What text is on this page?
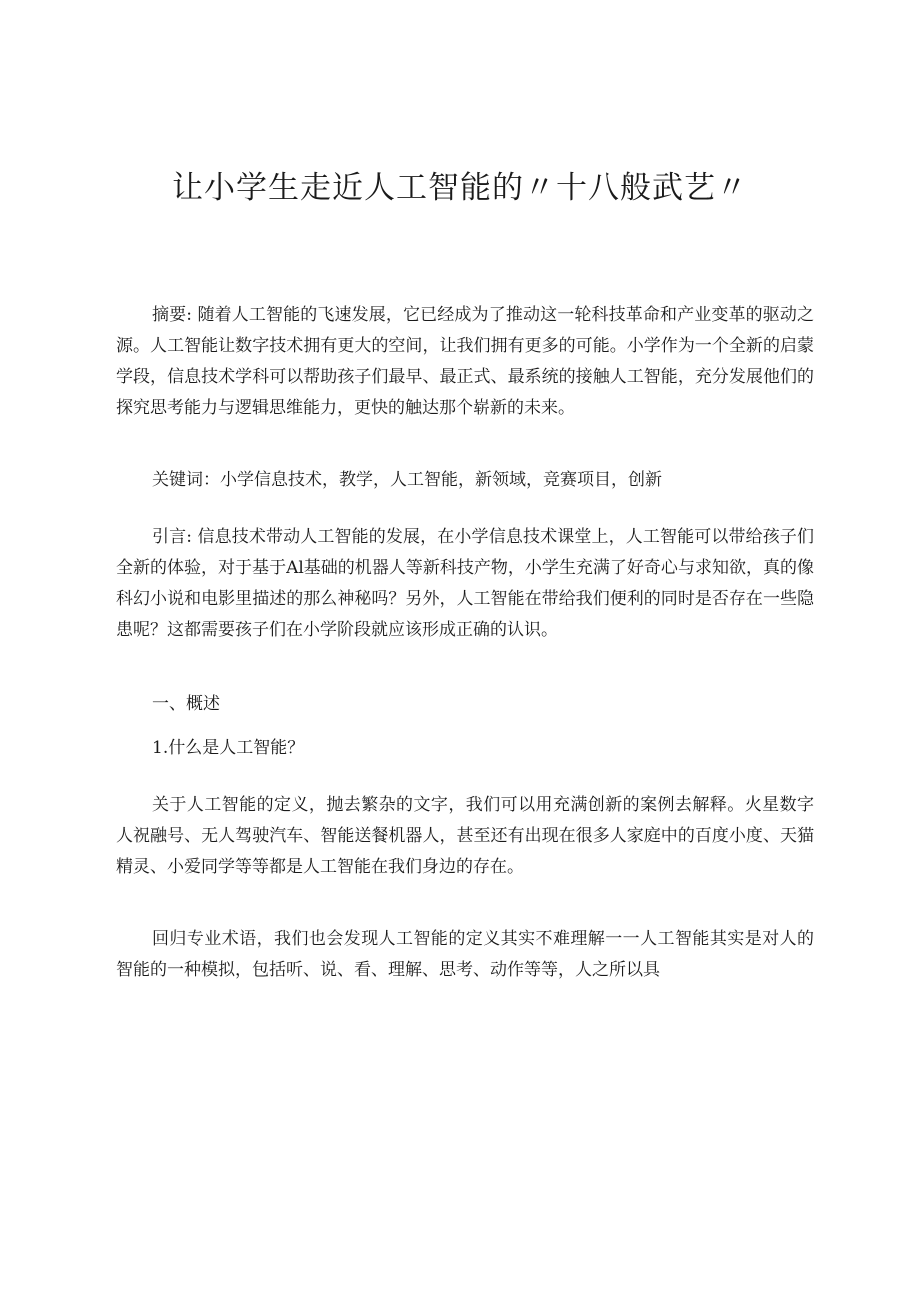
让小学生走近人工智能的〃十八般武艺〃

摘要: 随着人工智能的飞速发展，它已经成为了推动这一轮科技革命和产业变革的驱动之源。人工智能让数字技术拥有更大的空间，让我们拥有更多的可能。小学作为一个全新的启蒙学段，信息技术学科可以帮助孩子们最早、最正式、最系统的接触人工智能，充分发展他们的探究思考能力与逻辑思维能力，更快的触达那个崭新的未来。

关键词：小学信息技术，教学，人工智能，新领域，竞赛项目，创新

引言: 信息技术带动人工智能的发展，在小学信息技术课堂上，人工智能可以带给孩子们全新的体验，对于基于Al基础的机器人等新科技产物，小学生充满了好奇心与求知欲，真的像科幻小说和电影里描述的那么神秘吗？另外，人工智能在带给我们便利的同时是否存在一些隐患呢？这都需要孩子们在小学阶段就应该形成正确的认识。

一、概述

1.什么是人工智能？

关于人工智能的定义，抛去繁杂的文字，我们可以用充满创新的案例去解释。火星数字人祝融号、无人驾驶汽车、智能送餐机器人，甚至还有出现在很多人家庭中的百度小度、天猫精灵、小爱同学等等都是人工智能在我们身边的存在。

回归专业术语，我们也会发现人工智能的定义其实不难理解一一人工智能其实是对人的智能的一种模拟，包括听、说、看、理解、思考、动作等等，人之所以具
